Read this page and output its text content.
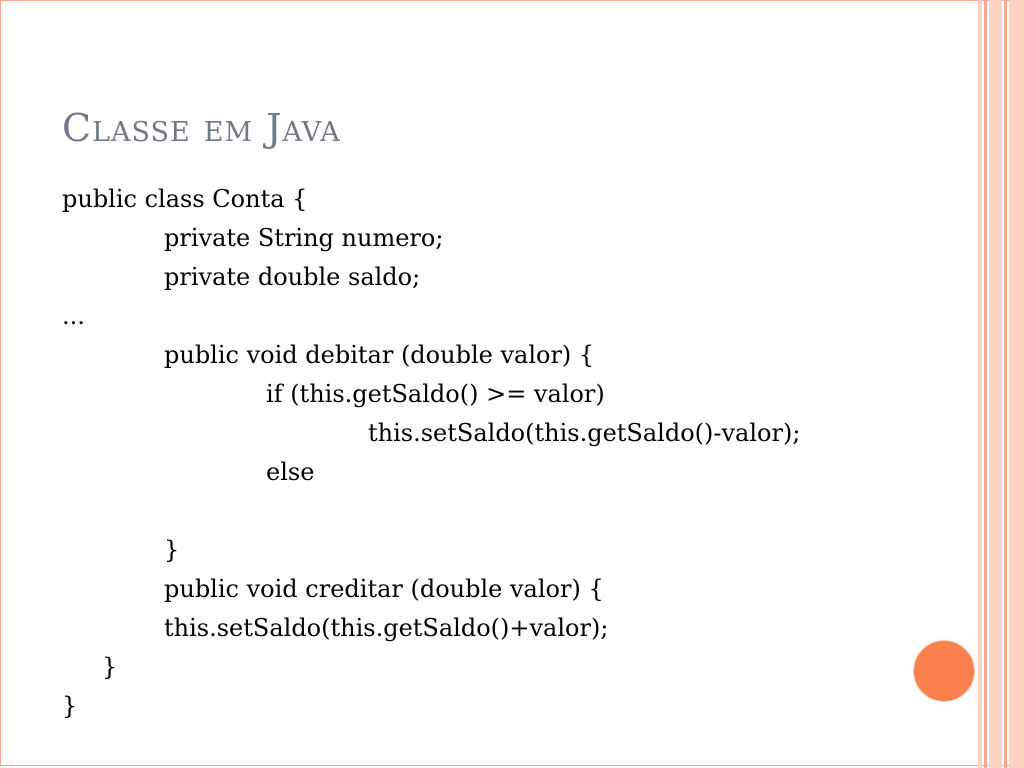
Classe em Java
public class Conta {
private String numero;
private double saldo;
...
public void debitar (double valor) {
if (this.getSaldo() >= valor)
this.setSaldo(this.getSaldo()-valor);
else
}
public void creditar (double valor) {
this.setSaldo(this.getSaldo()+valor);
}
}
